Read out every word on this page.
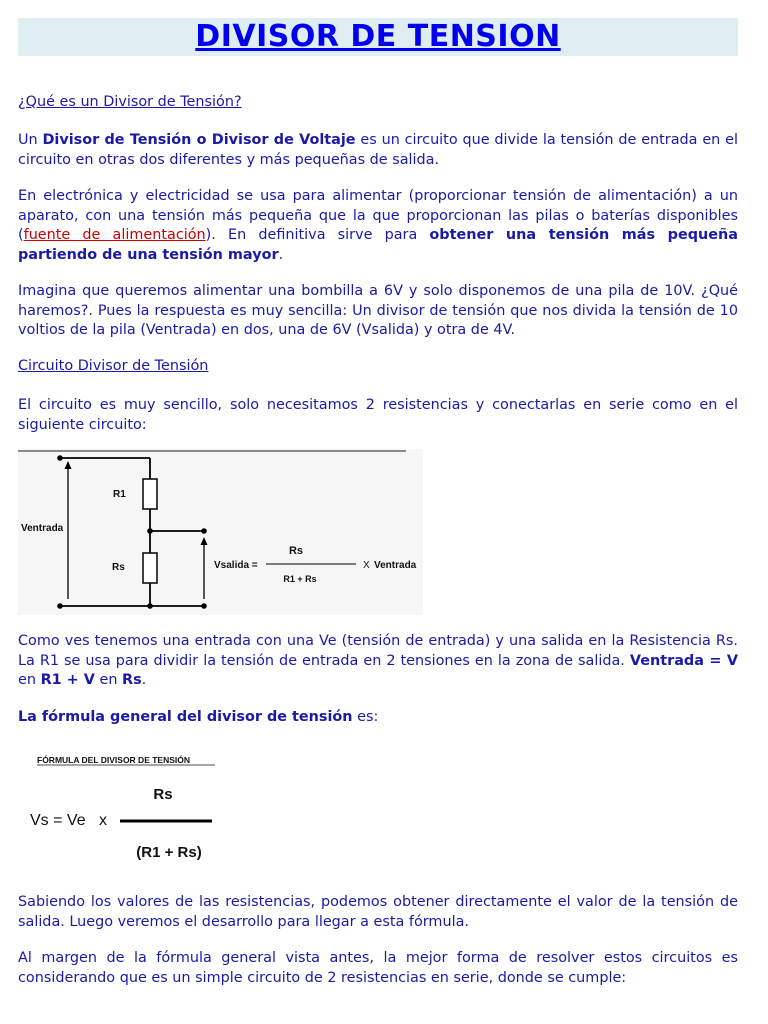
DIVISOR DE TENSION
¿Qué es un Divisor de Tensión?

Un Divisor de Tensión o Divisor de Voltaje es un circuito que divide la tensión de entrada en el circuito en otras dos diferentes y más pequeñas de salida.

En electrónica y electricidad se usa para alimentar (proporcionar tensión de alimentación) a un aparato, con una tensión más pequeña que la que proporcionan las pilas o baterías disponibles (fuente de alimentación). En definitiva sirve para obtener una tensión más pequeña partiendo de una tensión mayor.

Imagina que queremos alimentar una bombilla a 6V y solo disponemos de una pila de 10V. ¿Qué haremos?. Pues la respuesta es muy sencilla: Un divisor de tensión que nos divida la tensión de 10 voltios de la pila (Ventrada) en dos, una de 6V (Vsalida) y otra de 4V.

Circuito Divisor de Tensión

El circuito es muy sencillo, solo necesitamos 2 resistencias y conectarlas en serie como en el siguiente circuito:

R1
Rs
Ventrada
Vsalida =
Rs
R1 + Rs
X Ventrada

Como ves tenemos una entrada con una Ve (tensión de entrada) y una salida en la Resistencia Rs. La R1 se usa para dividir la tensión de entrada en 2 tensiones en la zona de salida. Ventrada = V en R1 + V en Rs.

La fórmula general del divisor de tensión es:

FÓRMULA DEL DIVISOR DE TENSIÓN
Rs
Vs = Ve x
(R1 + Rs)

Sabiendo los valores de las resistencias, podemos obtener directamente el valor de la tensión de salida. Luego veremos el desarrollo para llegar a esta fórmula.

Al margen de la fórmula general vista antes, la mejor forma de resolver estos circuitos es considerando que es un simple circuito de 2 resistencias en serie, donde se cumple:
